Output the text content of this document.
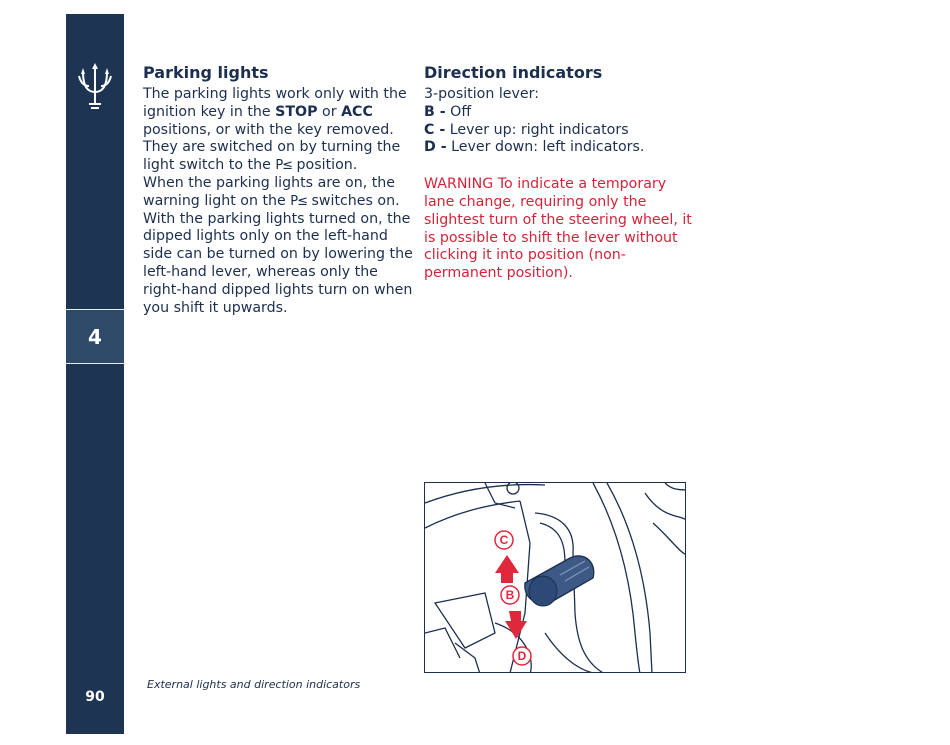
4
90
Parking lights
The parking lights work only with the ignition key in the STOP or ACC positions, or with the key removed. They are switched on by turning the light switch to the P≤ position.
When the parking lights are on, the warning light on the P≤ switches on.
With the parking lights turned on, the dipped lights only on the left-hand side can be turned on by lowering the left-hand lever, whereas only the right-hand dipped lights turn on when you shift it upwards.
Direction indicators
3-position lever:
B - Off
C - Lever up: right indicators
D - Lever down: left indicators.
WARNING To indicate a temporary lane change, requiring only the slightest turn of the steering wheel, it is possible to shift the lever without clicking it into position (non-permanent position).
C
B
D
External lights and direction indicators
